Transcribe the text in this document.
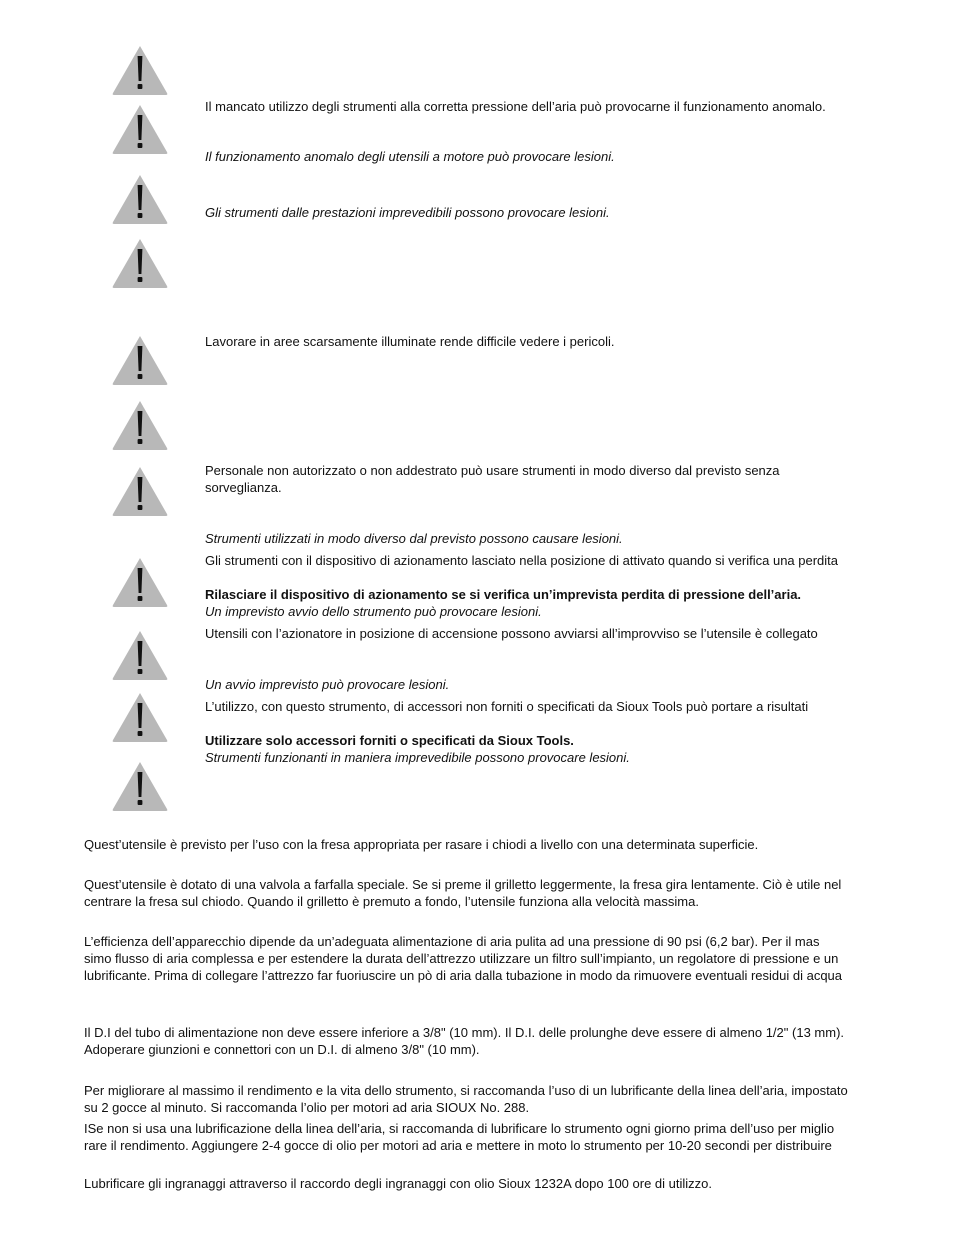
Il mancato utilizzo degli strumenti alla corretta pressione dell’aria può provocarne il funzionamento anomalo.
Il funzionamento anomalo degli utensili a motore può provocare lesioni.
Gli strumenti dalle prestazioni imprevedibili possono provocare lesioni.
Lavorare in aree scarsamente illuminate rende difficile vedere i pericoli.
Personale non autorizzato o non addestrato può usare strumenti in modo diverso dal previsto senza
sorveglianza.
Strumenti utilizzati in modo diverso dal previsto possono causare lesioni.
Gli strumenti con il dispositivo di azionamento lasciato nella posizione di attivato quando si verifica una perdita
Rilasciare il dispositivo di azionamento se si verifica un’imprevista perdita di pressione dell’aria.
Un imprevisto avvio dello strumento può provocare lesioni.
Utensili con l’azionatore in posizione di accensione possono avviarsi all’improvviso se l’utensile è collegato
Un avvio imprevisto può provocare lesioni.
L’utilizzo, con questo strumento, di accessori non forniti o specificati da Sioux Tools può portare a risultati
Utilizzare solo accessori forniti o specificati da Sioux Tools.
Strumenti funzionanti in maniera imprevedibile possono provocare lesioni.
Quest’utensile è previsto per l’uso con la fresa appropriata per rasare i chiodi a livello con una determinata superficie.
Quest’utensile è dotato di una valvola a farfalla speciale. Se si preme il grilletto leggermente, la fresa gira lentamente. Ciò è utile nel
centrare la fresa sul chiodo. Quando il grilletto è premuto a fondo, l’utensile funziona alla velocità massima.
L’efficienza dell’apparecchio dipende da un’adeguata alimentazione di aria pulita ad una pressione di 90 psi (6,2 bar). Per il mas
simo flusso di aria complessa e per estendere la durata dell’attrezzo utilizzare un filtro sull’impianto, un regolatore di pressione e un
lubrificante. Prima di collegare l’attrezzo far fuoriuscire un pò di aria dalla tubazione in modo da rimuovere eventuali residui di acqua
Il D.I del tubo di alimentazione non deve essere inferiore a 3/8" (10 mm). Il D.I. delle prolunghe deve essere di almeno 1/2" (13 mm).
Adoperare giunzioni e connettori con un D.I. di almeno 3/8" (10 mm).
Per migliorare al massimo il rendimento e la vita dello strumento, si raccomanda l’uso di un lubrificante della linea dell’aria, impostato
su 2 gocce al minuto. Si raccomanda l’olio per motori ad aria SIOUX No. 288.
ISe non si usa una lubrificazione della linea dell’aria, si raccomanda di lubrificare lo strumento ogni giorno prima dell’uso per miglio
rare il rendimento. Aggiungere 2-4 gocce di olio per motori ad aria e mettere in moto lo strumento per 10-20 secondi per distribuire
Lubrificare gli ingranaggi attraverso il raccordo degli ingranaggi con olio Sioux 1232A dopo 100 ore di utilizzo.
